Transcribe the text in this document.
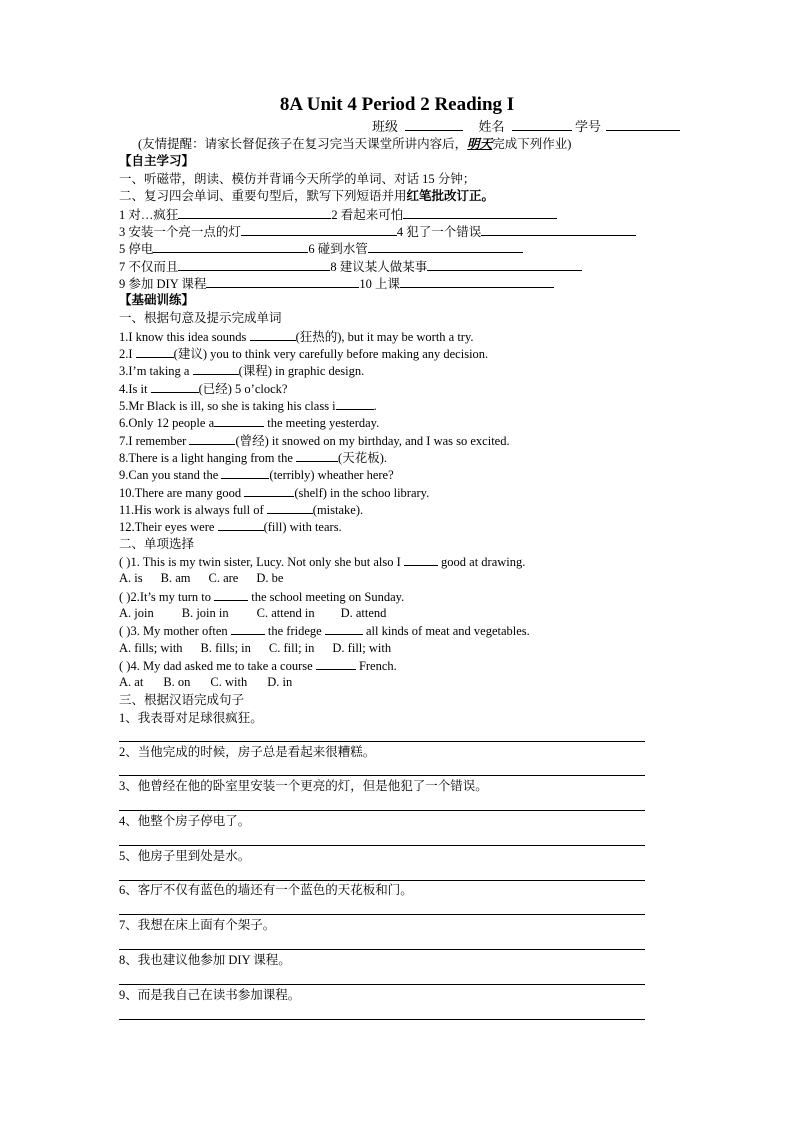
8A Unit 4 Period 2 Reading I
班级	姓名	学号
(友情提醒：请家长督促孩子在复习完当天课堂所讲内容后，明天完成下列作业)
【自主学习】
一、听磁带，朗读、模仿并背诵今天所学的单词、对话 15 分钟；
二、复习四会单词、重要句型后，默写下列短语并用红笔批改订正。
1 对…疯狂	2 看起来可怕
3 安装一个亮一点的灯	4 犯了一个错误
5 停电	6 碰到水管
7 不仅而且	8 建议某人做某事
9 参加 DIY 课程	10 上课
【基础训练】
一、根据句意及提示完成单词
1.I know this idea sounds	(狂热的), but it may be worth a try.
2.I	(建议) you to think very carefully before making any decision.
3.I’m taking a	(课程) in graphic design.
4.Is it	(已经) 5 o’clock?
5.Mr Black is ill, so she is taking his class i	.
6.Only 12 people a	the meeting yesterday.
7.I remember	(曾经) it snowed on my birthday, and I was so excited.
8.There is a light hanging from the	(天花板).
9.Can you stand the	(terribly) wheather here?
10.There are many good	(shelf) in the schoo library.
11.His work is always full of	(mistake).
12.Their eyes were	(fill) with tears.
二、单项选择
( )1. This is my twin sister, Lucy. Not only she but also I	good at drawing.
A. is B. am C. are D. be
( )2.It’s my turn to	the school meeting on Sunday.
A. join B. join in C. attend in D. attend
( )3. My mother often	the fridege	all kinds of meat and vegetables.
A. fills; with B. fills; in C. fill; in D. fill; with
( )4. My dad asked me to take a course	French.
A. at B. on C. with D. in
三、根据汉语完成句子
1、我表哥对足球很疯狂。
2、当他完成的时候，房子总是看起来很糟糕。
3、他曾经在他的卧室里安装一个更亮的灯，但是他犯了一个错误。
4、他整个房子停电了。
5、他房子里到处是水。
6、客厅不仅有蓝色的墙还有一个蓝色的天花板和门。
7、我想在床上面有个架子。
8、我也建议他参加 DIY 课程。
9、而是我自己在读书参加课程。
